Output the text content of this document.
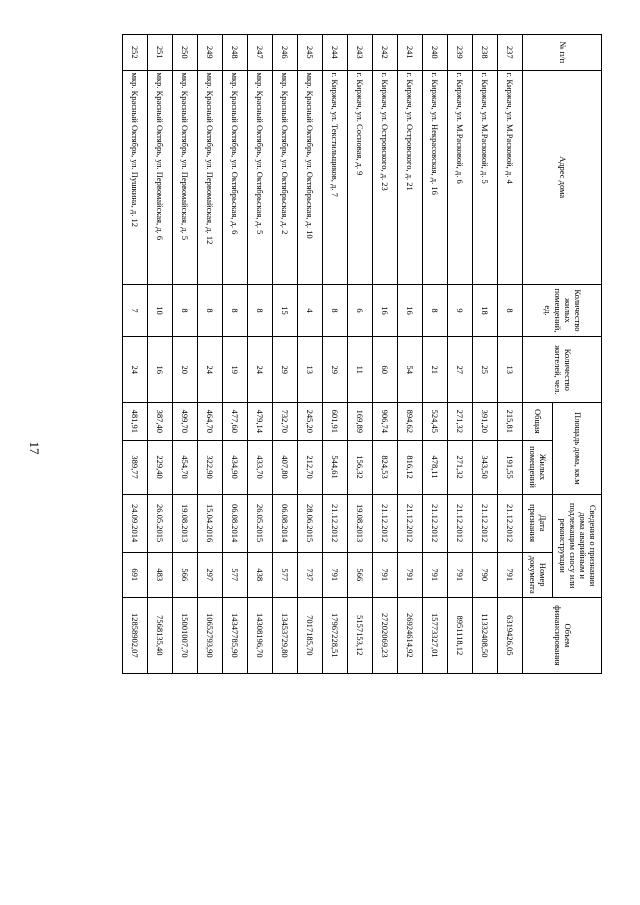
17
№ п/п	Адрес дома	Количество жилых помещений, ед.	Количество жителей, чел.	Площадь дома, кв.м		Сведения о признании дома аварийным и подлежащим сносу или реконструкции		Объем финансирования
						Дата признания	Номер документа	
				Общая	Жилых помещений			
237	г. Киржач, ул. М.Расковой, д. 4	8	13	215,81	191,55	21.12.2012	791	6319426,05
238	г. Киржач, ул. М.Расковой, д. 5	18	25	391,20	343,50	21.12.2012	790	11332408,50
239	г. Киржач, ул. М.Расковой, д. 6	9	27	271,32	271,32	21.12.2012	791	8951118,12
240	г. Киржач, ул. Некрасовская, д. 16	8	21	524,45	478,11	21.12.2012	791	15773327,01
241	г. Киржач, ул. Островского, д. 21	16	54	894,62	816,12	21.12.2012	791	26924614,92
242	г. Киржач, ул. Островского, д. 23	16	60	906,74	824,53	21.12.2012	791	27202069,23
243	г. Киржач, ул. Сосновая, д. 9	6	11	169,89	156,32	19.08.2013	566	5157153,12
244	г. Киржач, ул. Текстильщиков, д. 7	8	29	601,91	544,61	21.12.2012	791	17967228,51
245	мкр. Красный Октябрь, ул. Октябрьская, д. 10	4	13	245,20	212,70	28.06.2015	737	7017185,70
246	мкр. Красный Октябрь, ул. Октябрьская, д. 2	15	29	732,70	407,80	06.08.2014	577	13453729,80
247	мкр. Красный Октябрь, ул. Октябрьская, д. 5	8	24	479,14	433,70	26.05.2015	438	14308196,70
248	мкр. Красный Октябрь, ул. Октябрьская, д. 6	8	19	477,60	434,90	06.08.2014	577	14347785,90
249	мкр. Красный Октябрь, ул. Первомайская, д. 12	8	24	464,70	322,90	15.04.2016	297	10652793,90
250	мкр. Красный Октябрь, ул. Первомайская, д. 5	8	20	499,70	454,70	19.08.2013	566	15001007,70
251	мкр. Красный Октябрь, ул. Первомайская, д. 6	10	16	387,40	229,40	26.05.2015	483	7568135,40
252	мкр. Красный Октябрь, ул. Пушкина, д. 12	7	24	481,91	389,77	24.09.2014	691	12858902,07
